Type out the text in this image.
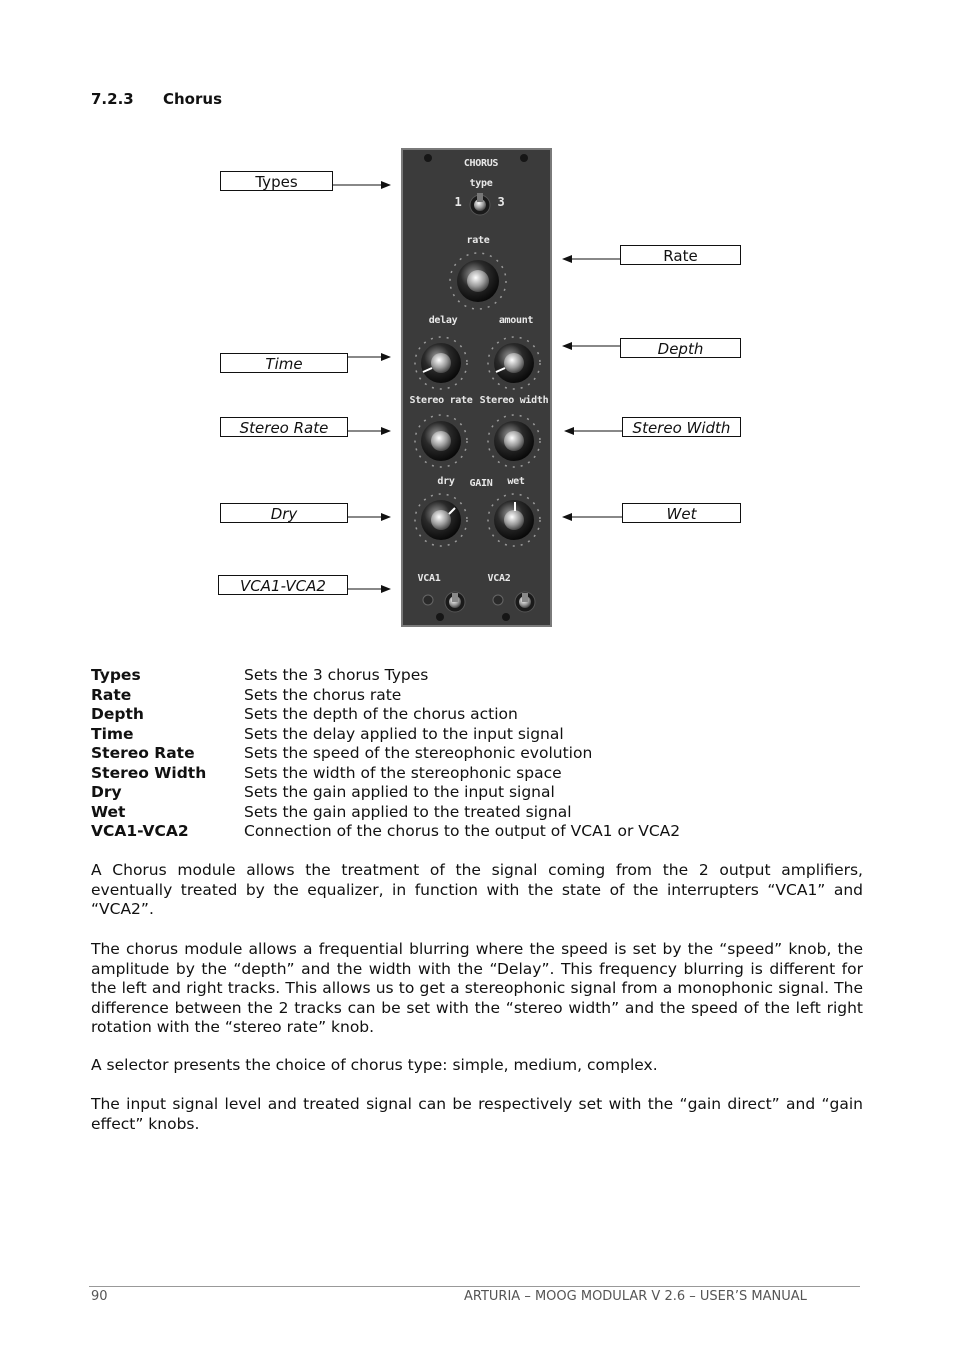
7.2.3 Chorus
CHORUS
type
1	3
rate
delay	amount
Stereo rate Stereo width
dry	GAIN	wet
VCA1	VCA2
Types
Rate
Depth
Time
Stereo Rate	Stereo Width
Dry	Wet
VCA1-VCA2
Types	Sets the 3 chorus Types
Rate	Sets the chorus rate
Depth	Sets the depth of the chorus action
Time	Sets the delay applied to the input signal
Stereo Rate	Sets the speed of the stereophonic evolution
Stereo Width	Sets the width of the stereophonic space
Dry	Sets the gain applied to the input signal
Wet	Sets the gain applied to the treated signal
VCA1-VCA2	Connection of the chorus to the output of VCA1 or VCA2
A Chorus module allows the treatment of the signal coming from the 2 output amplifiers, eventually treated by the equalizer, in function with the state of the interrupters “VCA1” and “VCA2”.
The chorus module allows a frequential blurring where the speed is set by the “speed” knob, the amplitude by the “depth” and the width with the “Delay”. This frequency blurring is different for the left and right tracks. This allows us to get a stereophonic signal from a monophonic signal. The difference between the 2 tracks can be set with the “stereo width” and the speed of the left right rotation with the “stereo rate” knob.
A selector presents the choice of chorus type: simple, medium, complex.
The input signal level and treated signal can be respectively set with the “gain direct” and “gain effect” knobs.
90	ARTURIA – MOOG MODULAR V 2.6 – USER’S MANUAL
